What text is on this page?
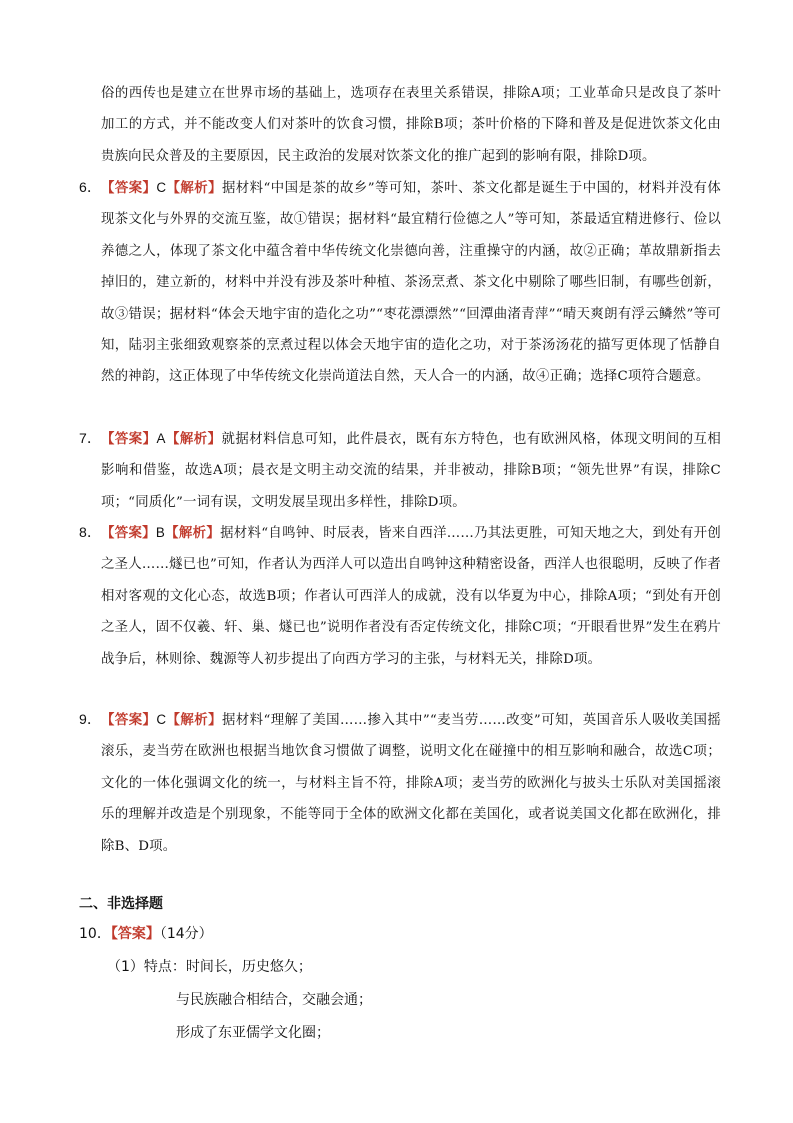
俗的西传也是建立在世界市场的基础上，选项存在表里关系错误，排除A项；工业革命只是改良了茶叶加工的方式，并不能改变人们对茶叶的饮食习惯，排除B项；茶叶价格的下降和普及是促进饮茶文化由贵族向民众普及的主要原因，民主政治的发展对饮茶文化的推广起到的影响有限，排除D项。
6． 【答案】C【解析】据材料“中国是茶的故乡”等可知，茶叶、茶文化都是诞生于中国的，材料并没有体现茶文化与外界的交流互鉴，故①错误；据材料“最宜精行俭德之人”等可知，茶最适宜精进修行、俭以养德之人，体现了茶文化中蕴含着中华传统文化崇德向善，注重操守的内涵，故②正确；革故鼎新指去掉旧的，建立新的，材料中并没有涉及茶叶种植、茶汤烹煮、茶文化中剔除了哪些旧制，有哪些创新，故③错误；据材料“体会天地宇宙的造化之功”“枣花漂漂然”“回潭曲渚青萍”“晴天爽朗有浮云鳞然”等可知，陆羽主张细致观察茶的烹煮过程以体会天地宇宙的造化之功，对于茶汤汤花的描写更体现了恬静自然的神韵，这正体现了中华传统文化崇尚道法自然，天人合一的内涵，故④正确；选择C项符合题意。
7． 【答案】A【解析】就据材料信息可知，此件晨衣，既有东方特色，也有欧洲风格，体现文明间的互相影响和借鉴，故选A项；晨衣是文明主动交流的结果，并非被动，排除B项；“领先世界”有误，排除C项；“同质化”一词有误，文明发展呈现出多样性，排除D项。
8． 【答案】B【解析】据材料“自鸣钟、时辰表，皆来自西洋……乃其法更胜，可知天地之大，到处有开创之圣人……燧已也”可知，作者认为西洋人可以造出自鸣钟这种精密设备，西洋人也很聪明，反映了作者相对客观的文化心态，故选B项；作者认可西洋人的成就，没有以华夏为中心，排除A项；“到处有开创之圣人，固不仅羲、轩、巢、燧已也”说明作者没有否定传统文化，排除C项；“开眼看世界”发生在鸦片战争后，林则徐、魏源等人初步提出了向西方学习的主张，与材料无关，排除D项。
9． 【答案】C【解析】据材料“理解了美国……掺入其中”“麦当劳……改变”可知，英国音乐人吸收美国摇滚乐，麦当劳在欧洲也根据当地饮食习惯做了调整，说明文化在碰撞中的相互影响和融合，故选C项；文化的一体化强调文化的统一，与材料主旨不符，排除A项；麦当劳的欧洲化与披头士乐队对美国摇滚乐的理解并改造是个别现象，不能等同于全体的欧洲文化都在美国化，或者说美国文化都在欧洲化，排除B、D项。
二、非选择题
10．【答案】（14分）
（1）特点：时间长，历史悠久；
与民族融合相结合，交融会通；
形成了东亚儒学文化圈；
